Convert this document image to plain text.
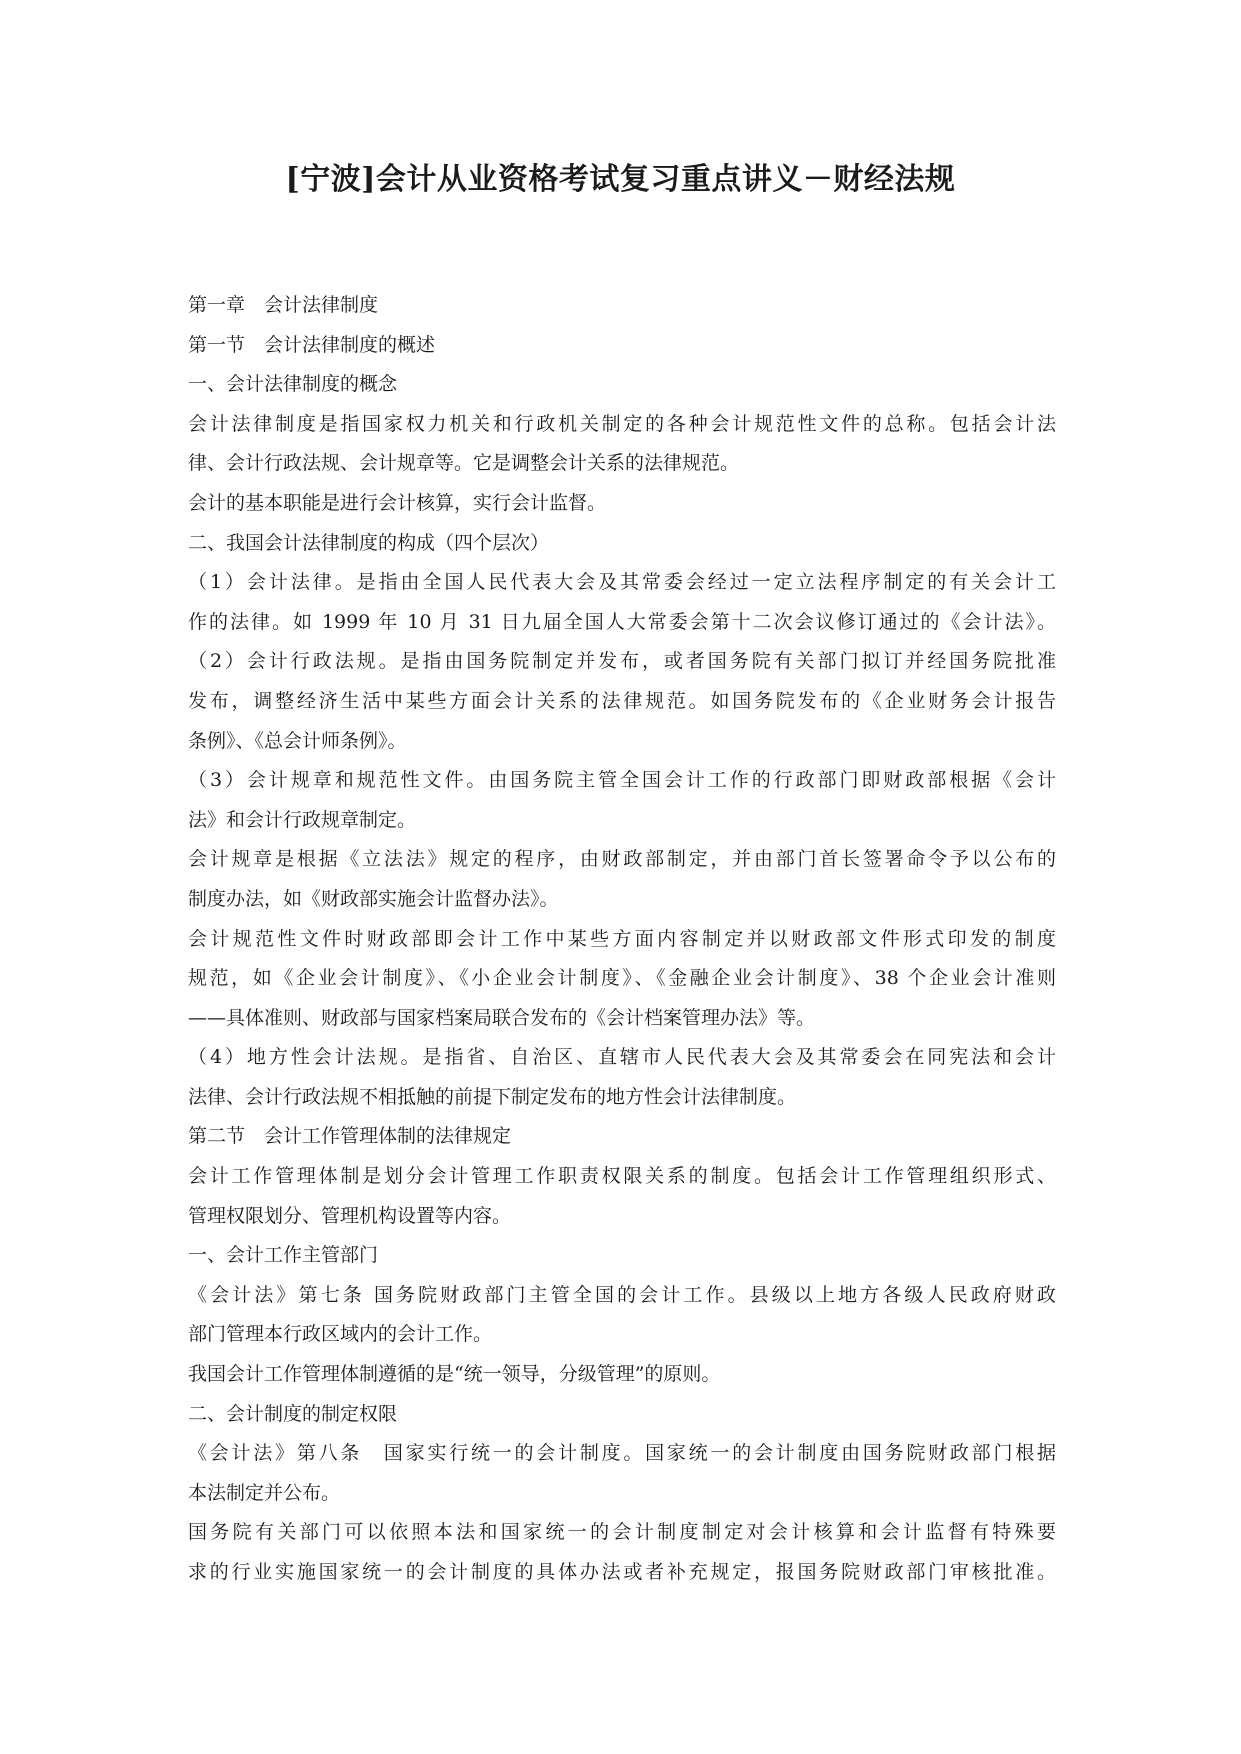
[宁波]会计从业资格考试复习重点讲义－财经法规

第一章　会计法律制度

第一节　会计法律制度的概述

一、会计法律制度的概念

会计法律制度是指国家权力机关和行政机关制定的各种会计规范性文件的总称。包括会计法

律、会计行政法规、会计规章等。它是调整会计关系的法律规范。

会计的基本职能是进行会计核算，实行会计监督。

二、我国会计法律制度的构成（四个层次）

（1）会计法律。是指由全国人民代表大会及其常委会经过一定立法程序制定的有关会计工

作的法律。如 1999 年 10 月 31 日九届全国人大常委会第十二次会议修订通过的《会计法》。

（2）会计行政法规。是指由国务院制定并发布，或者国务院有关部门拟订并经国务院批准

发布，调整经济生活中某些方面会计关系的法律规范。如国务院发布的《企业财务会计报告

条例》、《总会计师条例》。

（3）会计规章和规范性文件。由国务院主管全国会计工作的行政部门即财政部根据《会计

法》和会计行政规章制定。

会计规章是根据《立法法》规定的程序，由财政部制定，并由部门首长签署命令予以公布的

制度办法，如《财政部实施会计监督办法》。

会计规范性文件时财政部即会计工作中某些方面内容制定并以财政部文件形式印发的制度

规范，如《企业会计制度》、《小企业会计制度》、《金融企业会计制度》、38 个企业会计准则

——具体准则、财政部与国家档案局联合发布的《会计档案管理办法》等。

（4）地方性会计法规。是指省、自治区、直辖市人民代表大会及其常委会在同宪法和会计

法律、会计行政法规不相抵触的前提下制定发布的地方性会计法律制度。

第二节　会计工作管理体制的法律规定

会计工作管理体制是划分会计管理工作职责权限关系的制度。包括会计工作管理组织形式、

管理权限划分、管理机构设置等内容。

一、会计工作主管部门

《会计法》第七条 国务院财政部门主管全国的会计工作。县级以上地方各级人民政府财政

部门管理本行政区域内的会计工作。

我国会计工作管理体制遵循的是“统一领导，分级管理”的原则。

二、会计制度的制定权限

《会计法》第八条　国家实行统一的会计制度。国家统一的会计制度由国务院财政部门根据

本法制定并公布。

国务院有关部门可以依照本法和国家统一的会计制度制定对会计核算和会计监督有特殊要

求的行业实施国家统一的会计制度的具体办法或者补充规定，报国务院财政部门审核批准。
